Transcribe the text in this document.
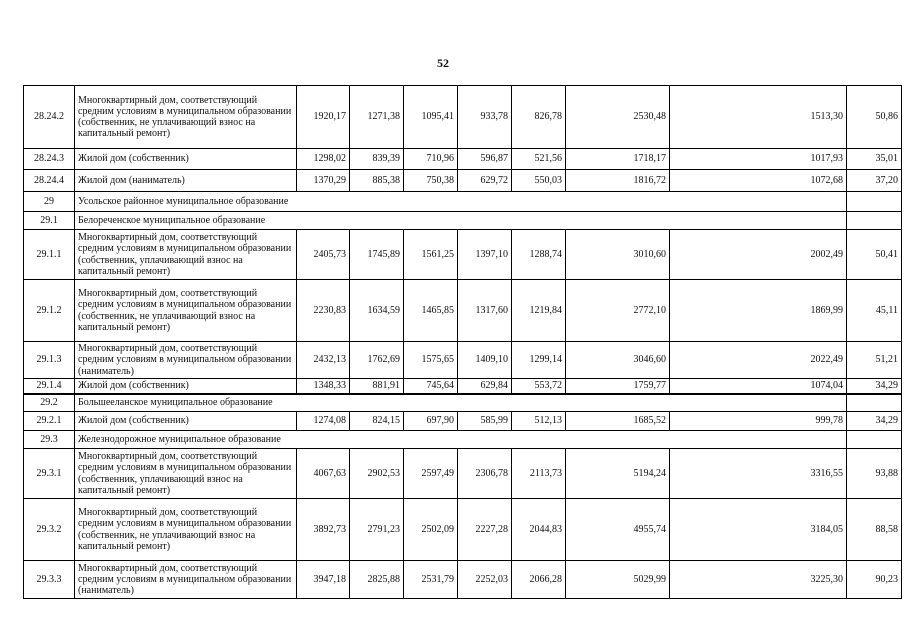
52
28.24.2	Многоквартирный дом, соответствующий средним условиям в муниципальном образовании (собственник, не уплачивающий взнос на капитальный ремонт)	1920,17	1271,38	1095,41	933,78	826,78	2530,48	1513,30	50,86
28.24.3	Жилой дом (собственник)	1298,02	839,39	710,96	596,87	521,56	1718,17	1017,93	35,01
28.24.4	Жилой дом (наниматель)	1370,29	885,38	750,38	629,72	550,03	1816,72	1072,68	37,20
29	Усольское районное муниципальное образование								
29.1	Белореченское муниципальное образование								
29.1.1	Многоквартирный дом, соответствующий средним условиям в муниципальном образовании (собственник, уплачивающий взнос на капитальный ремонт)	2405,73	1745,89	1561,25	1397,10	1288,74	3010,60	2002,49	50,41
29.1.2	Многоквартирный дом, соответствующий средним условиям в муниципальном образовании (собственник, не уплачивающий взнос на капитальный ремонт)	2230,83	1634,59	1465,85	1317,60	1219,84	2772,10	1869,99	45,11
29.1.3	Многоквартирный дом, соответствующий средним условиям в муниципальном образовании (наниматель)	2432,13	1762,69	1575,65	1409,10	1299,14	3046,60	2022,49	51,21
29.1.4	Жилой дом (собственник)	1348,33	881,91	745,64	629,84	553,72	1759,77	1074,04	34,29
29.2	Большееланское муниципальное образование								
29.2.1	Жилой дом (собственник)	1274,08	824,15	697,90	585,99	512,13	1685,52	999,78	34,29
29.3	Железнодорожное муниципальное образование								
29.3.1	Многоквартирный дом, соответствующий средним условиям в муниципальном образовании (собственник, уплачивающий взнос на капитальный ремонт)	4067,63	2902,53	2597,49	2306,78	2113,73	5194,24	3316,55	93,88
29.3.2	Многоквартирный дом, соответствующий средним условиям в муниципальном образовании (собственник, не уплачивающий взнос на капитальный ремонт)	3892,73	2791,23	2502,09	2227,28	2044,83	4955,74	3184,05	88,58
29.3.3	Многоквартирный дом, соответствующий средним условиям в муниципальном образовании (наниматель)	3947,18	2825,88	2531,79	2252,03	2066,28	5029,99	3225,30	90,23
